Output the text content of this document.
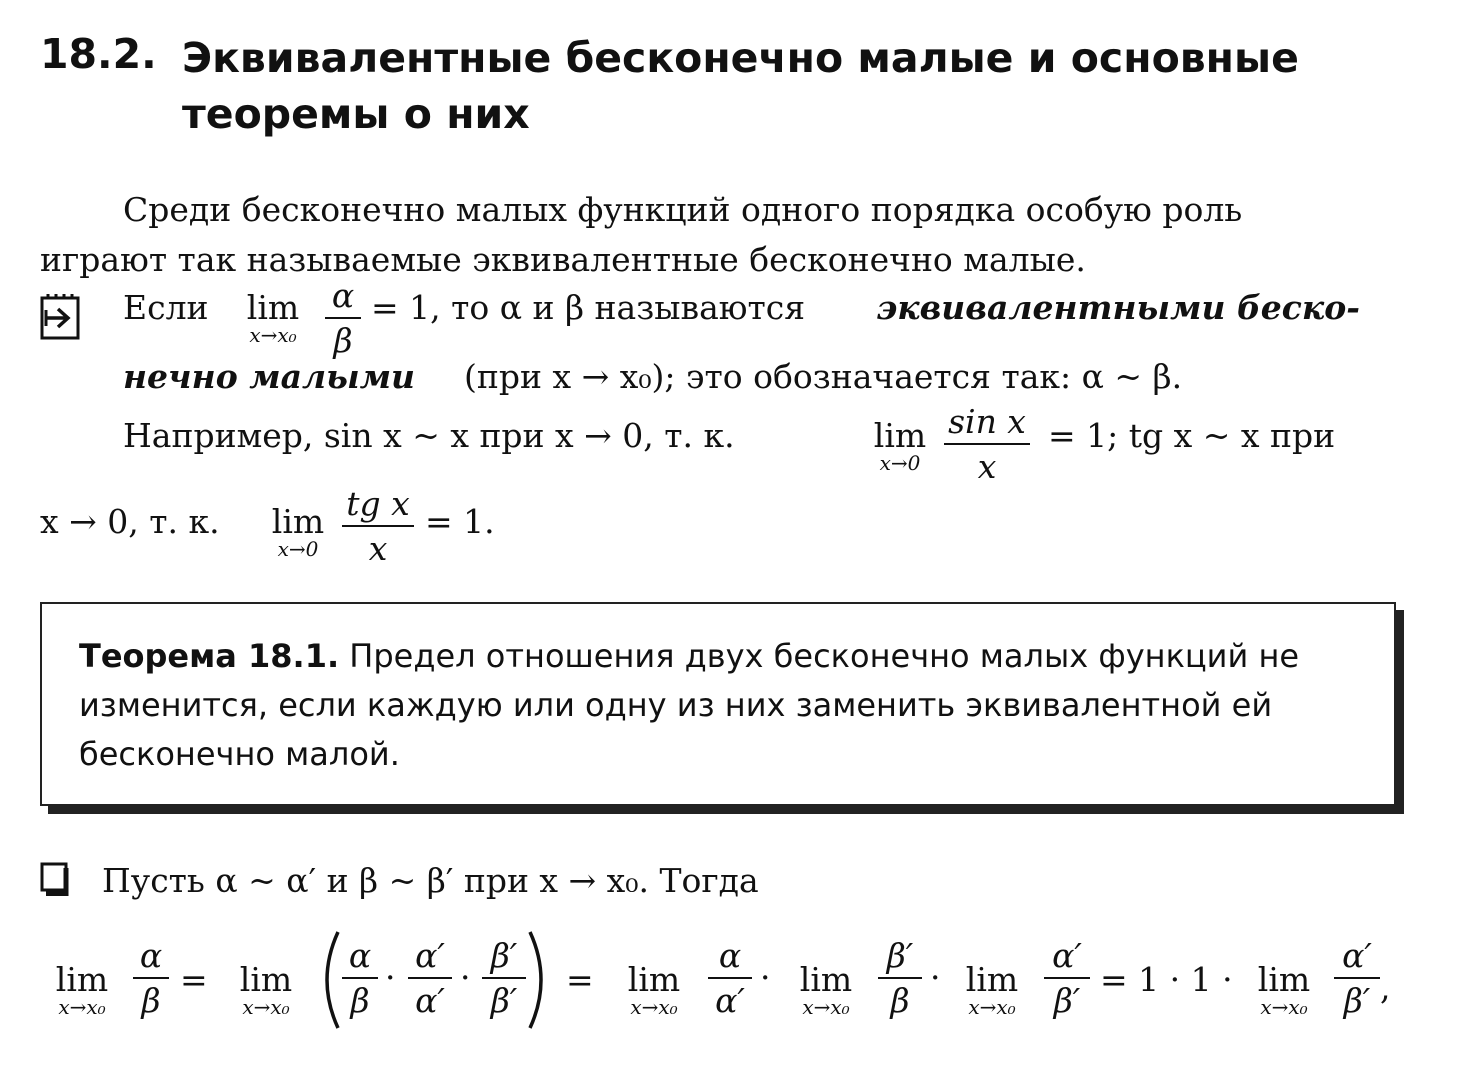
18.2. Эквивалентные бесконечно малые и основные теоремы о них
Среди бесконечно малых функций одного порядка особую роль
играют так называемые эквивалентные бесконечно малые.
Если	lim
x→x₀
α
β
= 1, то α и β называются эквивалентными беско-
нечно малыми (при x → x₀); это обозначается так: α ~ β.
Например, sin x ~ x при x → 0, т. к.	lim
x→0
sin x
x
= 1; tg x ~ x при
x → 0, т. к.	lim
x→0
tg x
x
= 1.
Теорема 18.1. Предел отношения двух бесконечно малых функций не изменится, если каждую или одну из них заменить эквивалентной ей бесконечно малой.
Пусть α ~ α′ и β ~ β′ при x → x₀. Тогда
lim
x→x₀
α
β
= lim
x→x₀
α
β
·
α′
α′
·
β′
β′
=	lim
x→x₀
α
α′
· lim
x→x₀
β′
β
· lim
x→x₀
α′
β′
= 1 · 1 · lim
x→x₀
α′
β′ ,
